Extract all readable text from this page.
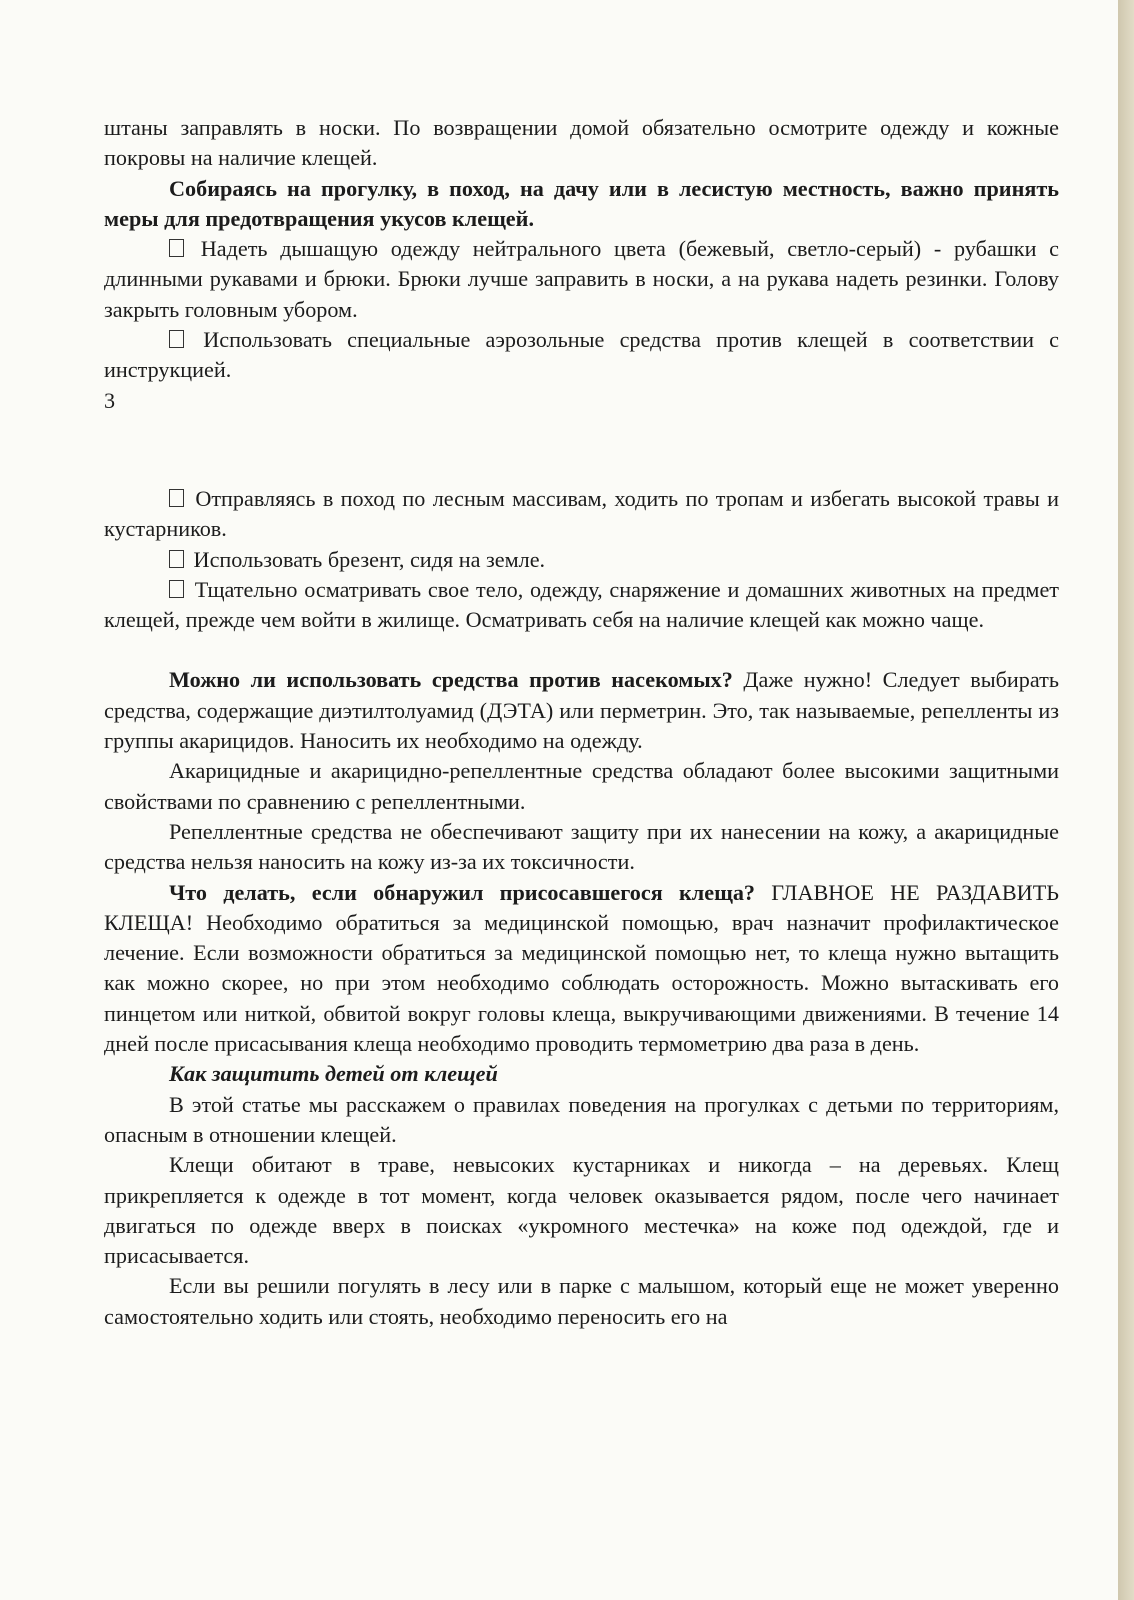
штаны заправлять в носки. По возвращении домой обязательно осмотрите одежду и кожные покровы на наличие клещей.

Собираясь на прогулку, в поход, на дачу или в лесистую местность, важно принять меры для предотвращения укусов клещей.

Надеть дышащую одежду нейтрального цвета (бежевый, светло-серый) - рубашки с длинными рукавами и брюки. Брюки лучше заправить в носки, а на рукава надеть резинки. Голову закрыть головным убором.

Использовать специальные аэрозольные средства против клещей в соответствии с инструкцией.

3

Отправляясь в поход по лесным массивам, ходить по тропам и избегать высокой травы и кустарников.

Использовать брезент, сидя на земле.

Тщательно осматривать свое тело, одежду, снаряжение и домашних животных на предмет клещей, прежде чем войти в жилище. Осматривать себя на наличие клещей как можно чаще.

Можно ли использовать средства против насекомых? Даже нужно! Следует выбирать средства, содержащие диэтилтолуамид (ДЭТА) или перметрин. Это, так называемые, репелленты из группы акарицидов. Наносить их необходимо на одежду.

Акарицидные и акарицидно-репеллентные средства обладают более высокими защитными свойствами по сравнению с репеллентными.

Репеллентные средства не обеспечивают защиту при их нанесении на кожу, а акарицидные средства нельзя наносить на кожу из-за их токсичности.

Что делать, если обнаружил присосавшегося клеща? ГЛАВНОЕ НЕ РАЗДАВИТЬ КЛЕЩА! Необходимо обратиться за медицинской помощью, врач назначит профилактическое лечение. Если возможности обратиться за медицинской помощью нет, то клеща нужно вытащить как можно скорее, но при этом необходимо соблюдать осторожность. Можно вытаскивать его пинцетом или ниткой, обвитой вокруг головы клеща, выкручивающими движениями. В течение 14 дней после присасывания клеща необходимо проводить термометрию два раза в день.

Как защитить детей от клещей

В этой статье мы расскажем о правилах поведения на прогулках с детьми по территориям, опасным в отношении клещей.

Клещи обитают в траве, невысоких кустарниках и никогда – на деревьях. Клещ прикрепляется к одежде в тот момент, когда человек оказывается рядом, после чего начинает двигаться по одежде вверх в поисках «укромного местечка» на коже под одеждой, где и присасывается.

Если вы решили погулять в лесу или в парке с малышом, который еще не может уверенно самостоятельно ходить или стоять, необходимо переносить его на
